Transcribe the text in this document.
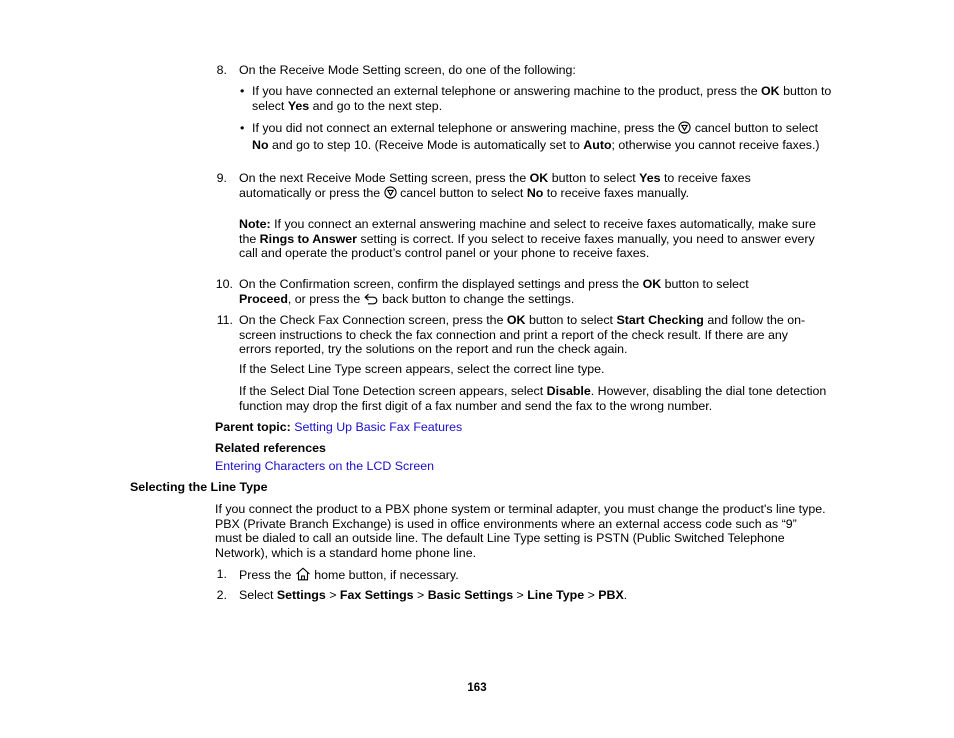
8. On the Receive Mode Setting screen, do one of the following:
• If you have connected an external telephone or answering machine to the product, press the OK button to select Yes and go to the next step.
• If you did not connect an external telephone or answering machine, press the  cancel button to select No and go to step 10. (Receive Mode is automatically set to Auto; otherwise you cannot receive faxes.)
9. On the next Receive Mode Setting screen, press the OK button to select Yes to receive faxes automatically or press the  cancel button to select No to receive faxes manually.
Note: If you connect an external answering machine and select to receive faxes automatically, make sure the Rings to Answer setting is correct. If you select to receive faxes manually, you need to answer every call and operate the product’s control panel or your phone to receive faxes.
10. On the Confirmation screen, confirm the displayed settings and press the OK button to select Proceed, or press the  back button to change the settings.
11. On the Check Fax Connection screen, press the OK button to select Start Checking and follow the on-screen instructions to check the fax connection and print a report of the check result. If there are any errors reported, try the solutions on the report and run the check again.
If the Select Line Type screen appears, select the correct line type.
If the Select Dial Tone Detection screen appears, select Disable. However, disabling the dial tone detection function may drop the first digit of a fax number and send the fax to the wrong number.
Parent topic: Setting Up Basic Fax Features
Related references
Entering Characters on the LCD Screen
Selecting the Line Type
If you connect the product to a PBX phone system or terminal adapter, you must change the product's line type. PBX (Private Branch Exchange) is used in office environments where an external access code such as “9” must be dialed to call an outside line. The default Line Type setting is PSTN (Public Switched Telephone Network), which is a standard home phone line.
1. Press the  home button, if necessary.
2. Select Settings > Fax Settings > Basic Settings > Line Type > PBX.
163
